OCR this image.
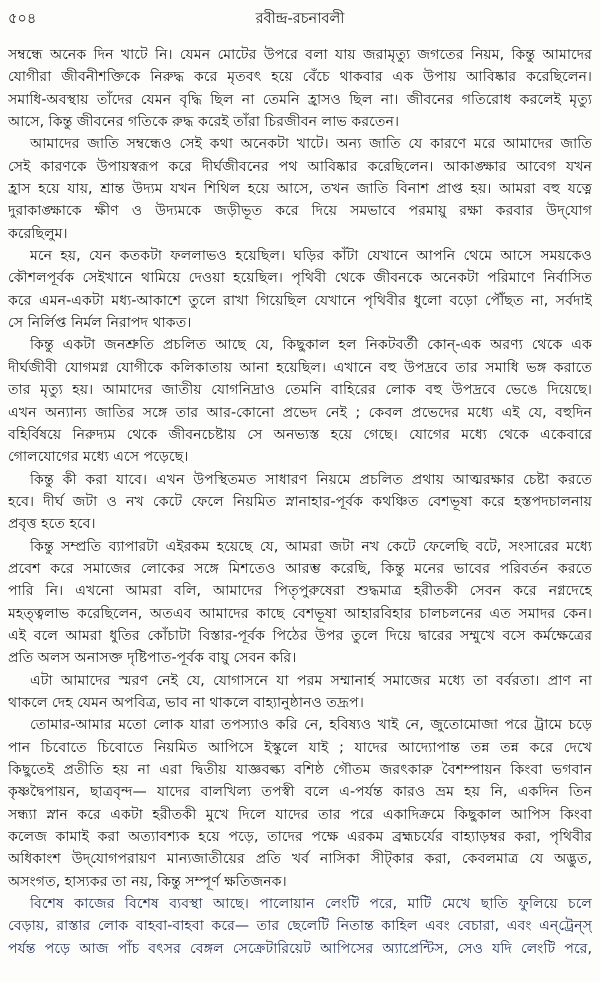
৫০৪	রবীন্দ্র-রচনাবলী
সম্বন্ধে অনেক দিন খাটে নি। যেমন মোটের উপরে বলা যায় জরামৃত্যু জগতের নিয়ম, কিন্তু আমাদের
যোগীরা জীবনীশক্তিকে নিরুদ্ধ করে মৃতবৎ হয়ে বেঁচে থাকবার এক উপায় আবিষ্কার করেছিলেন।
সমাধি-অবস্থায় তাঁদের যেমন বৃদ্ধি ছিল না তেমনি হ্রাসও ছিল না। জীবনের গতিরোধ করলেই মৃত্যু
আসে, কিন্তু জীবনের গতিকে রুদ্ধ করেই তাঁরা চিরজীবন লাভ করতেন।
আমাদের জাতি সম্বন্ধেও সেই কথা অনেকটা খাটে। অন্য জাতি যে কারণে মরে আমাদের জাতি
সেই কারণকে উপায়স্বরূপ করে দীর্ঘজীবনের পথ আবিষ্কার করেছিলেন। আকাঙ্ক্ষার আবেগ যখন
হ্রাস হয়ে যায়, শ্রান্ত উদ্যম যখন শিথিল হয়ে আসে, তখন জাতি বিনাশ প্রাপ্ত হয়। আমরা বহু যত্নে
দুরাকাঙ্ক্ষাকে ক্ষীণ ও উদ্যমকে জড়ীভূত করে দিয়ে সমভাবে পরমায়ু রক্ষা করবার উদ্‌যোগ
করেছিলুম।
মনে হয়, যেন কতকটা ফললাভও হয়েছিল। ঘড়ির কাঁটা যেখানে আপনি থেমে আসে সময়কেও
কৌশলপূর্বক সেইখানে থামিয়ে দেওয়া হয়েছিল। পৃথিবী থেকে জীবনকে অনেকটা পরিমাণে নির্বাসিত
করে এমন-একটা মধ্য-আকাশে তুলে রাখা গিয়েছিল যেখানে পৃথিবীর ধুলো বড়ো পৌঁছত না, সর্বদাই
সে নির্লিপ্ত নির্মল নিরাপদ থাকত।
কিন্তু একটা জনশ্রুতি প্রচলিত আছে যে, কিছুকাল হল নিকটবর্তী কোন্‌-এক অরণ্য থেকে এক
দীর্ঘজীবী যোগমগ্ন যোগীকে কলিকাতায় আনা হয়েছিল। এখানে বহু উপদ্রবে তার সমাধি ভঙ্গ করাতে
তার মৃত্যু হয়। আমাদের জাতীয় যোগনিদ্রাও তেমনি বাহিরের লোক বহু উপদ্রবে ভেঙে দিয়েছে।
এখন অন্যান্য জাতির সঙ্গে তার আর-কোনো প্রভেদ নেই ; কেবল প্রভেদের মধ্যে এই যে, বহুদিন
বহির্বিষয়ে নিরুদ্যম থেকে জীবনচেষ্টায় সে অনভ্যস্ত হয়ে গেছে। যোগের মধ্যে থেকে একেবারে
গোলযোগের মধ্যে এসে পড়েছে।
কিন্তু কী করা যাবে। এখন উপস্থিতমত সাধারণ নিয়মে প্রচলিত প্রথায় আত্মরক্ষার চেষ্টা করতে
হবে। দীর্ঘ জটা ও নখ কেটে ফেলে নিয়মিত স্নানাহার-পূর্বক কথঞ্চিত বেশভূষা করে হস্তপদচালনায়
প্রবৃত্ত হতে হবে।
কিন্তু সম্প্রতি ব্যাপারটা এইরকম হয়েছে যে, আমরা জটা নখ কেটে ফেলেছি বটে, সংসারের মধ্যে
প্রবেশ করে সমাজের লোকের সঙ্গে মিশতেও আরম্ভ করেছি, কিন্তু মনের ভাবের পরিবর্তন করতে
পারি নি। এখনো আমরা বলি, আমাদের পিতৃপুরুষেরা শুদ্ধমাত্র হরীতকী সেবন করে নগ্নদেহে
মহত্ত্বলাভ করেছিলেন, অতএব আমাদের কাছে বেশভূষা আহারবিহার চালচলনের এত সমাদর কেন।
এই বলে আমরা ধুতির কোঁচাটা বিস্তার-পূর্বক পিঠের উপর তুলে দিয়ে দ্বারের সম্মুখে বসে কর্মক্ষেত্রের
প্রতি অলস অনাসক্ত দৃষ্টিপাত-পূর্বক বায়ু সেবন করি।
এটা আমাদের স্মরণ নেই যে, যোগাসনে যা পরম সম্মানার্হ সমাজের মধ্যে তা বর্বরতা। প্রাণ না
থাকলে দেহ যেমন অপবিত্র, ভাব না থাকলে বাহ্যানুষ্ঠানও তদ্রূপ।
তোমার-আমার মতো লোক যারা তপস্যাও করি নে, হবিষ্যও খাই নে, জুতোমোজা পরে ট্রামে চড়ে
পান চিবোতে চিবোতে নিয়মিত আপিসে ইস্কুলে যাই ; যাদের আদ্যোপান্ত তন্ন তন্ন করে দেখে
কিছুতেই প্রতীতি হয় না এরা দ্বিতীয় যাজ্ঞবল্ক্য বশিষ্ঠ গৌতম জরৎকারু বৈশম্পায়ন কিংবা ভগবান
কৃষ্ণদ্বৈপায়ন, ছাত্রবৃন্দ— যাদের বালখিল্য তপস্বী বলে এ-পর্যন্ত কারও ভ্রম হয় নি, একদিন তিন
সন্ধ্যা স্নান করে একটা হরীতকী মুখে দিলে যাদের তার পরে একাদিক্রমে কিছুকাল আপিস কিংবা
কলেজ কামাই করা অত্যাবশ্যক হয়ে পড়ে, তাদের পক্ষে এরকম ব্রহ্মচর্যের বাহ্যাড়ম্বর করা, পৃথিবীর
অধিকাংশ উদ্‌যোগপরায়ণ মান্যজাতীয়ের প্রতি খর্ব নাসিকা সীট্‌কার করা, কেবলমাত্র যে অদ্ভুত,
অসংগত, হাস্যকর তা নয়, কিন্তু সম্পূর্ণ ক্ষতিজনক।
বিশেষ কাজের বিশেষ ব্যবস্থা আছে। পালোয়ান লেংটি পরে, মাটি মেখে ছাতি ফুলিয়ে চলে
বেড়ায়, রাস্তার লোক বাহবা-বাহবা করে— তার ছেলেটি নিতান্ত কাহিল এবং বেচারা, এবং এন্‌ট্রেন্স্‌
পর্যন্ত পড়ে আজ পাঁচ বৎসর বেঙ্গল সেক্রেটারিয়েট আপিসের অ্যাপ্রেন্টিস, সেও যদি লেংটি পরে,
